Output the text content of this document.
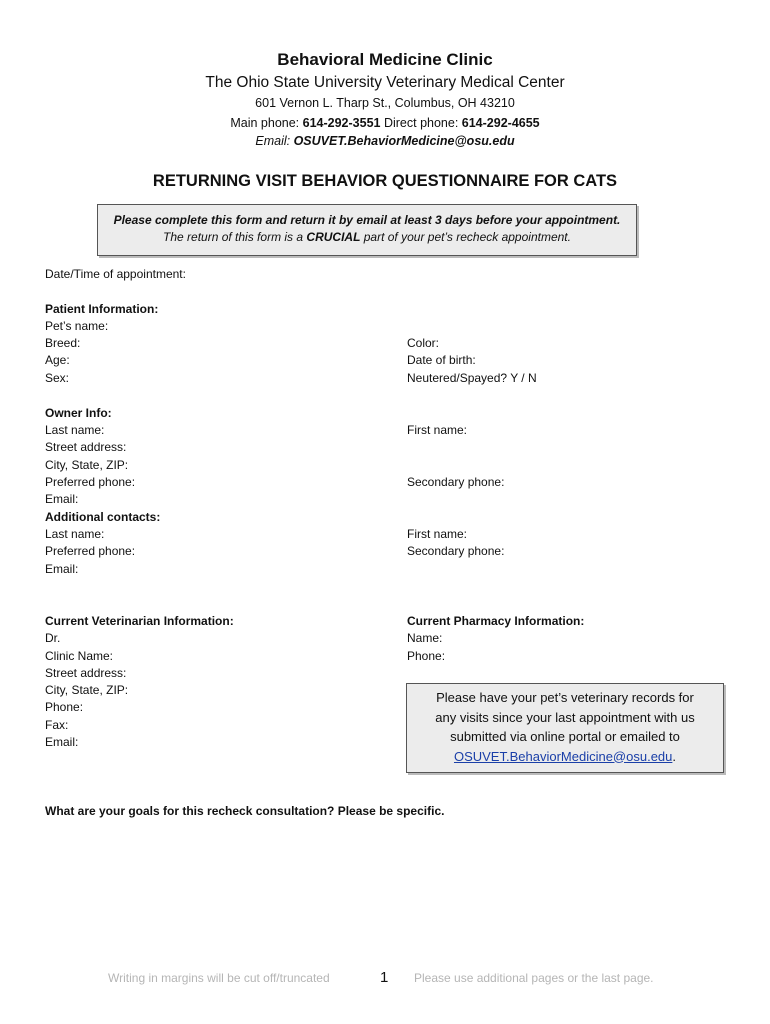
Behavioral Medicine Clinic
The Ohio State University Veterinary Medical Center
601 Vernon L. Tharp St., Columbus, OH 43210
Main phone: 614-292-3551 Direct phone: 614-292-4655
Email: OSUVET.BehaviorMedicine@osu.edu
RETURNING VISIT BEHAVIOR QUESTIONNAIRE FOR CATS
Please complete this form and return it by email at least 3 days before your appointment.
The return of this form is a CRUCIAL part of your pet’s recheck appointment.
Date/Time of appointment:
Patient Information:
Pet’s name:
Breed:
Age:
Sex:
Color:
Date of birth:
Neutered/Spayed? Y / N
Owner Info:
Last name:
Street address:
City, State, ZIP:
Preferred phone:
Email:
First name:
Secondary phone:
Additional contacts:
Last name:
Preferred phone:
Email:
First name:
Secondary phone:
Current Veterinarian Information:
Dr.
Clinic Name:
Street address:
City, State, ZIP:
Phone:
Fax:
Email:
Current Pharmacy Information:
Name:
Phone:
Please have your pet’s veterinary records for
any visits since your last appointment with us
submitted via online portal or emailed to
OSUVET.BehaviorMedicine@osu.edu.
What are your goals for this recheck consultation? Please be specific.
Writing in margins will be cut off/truncated	1 Please use additional pages or the last page.
